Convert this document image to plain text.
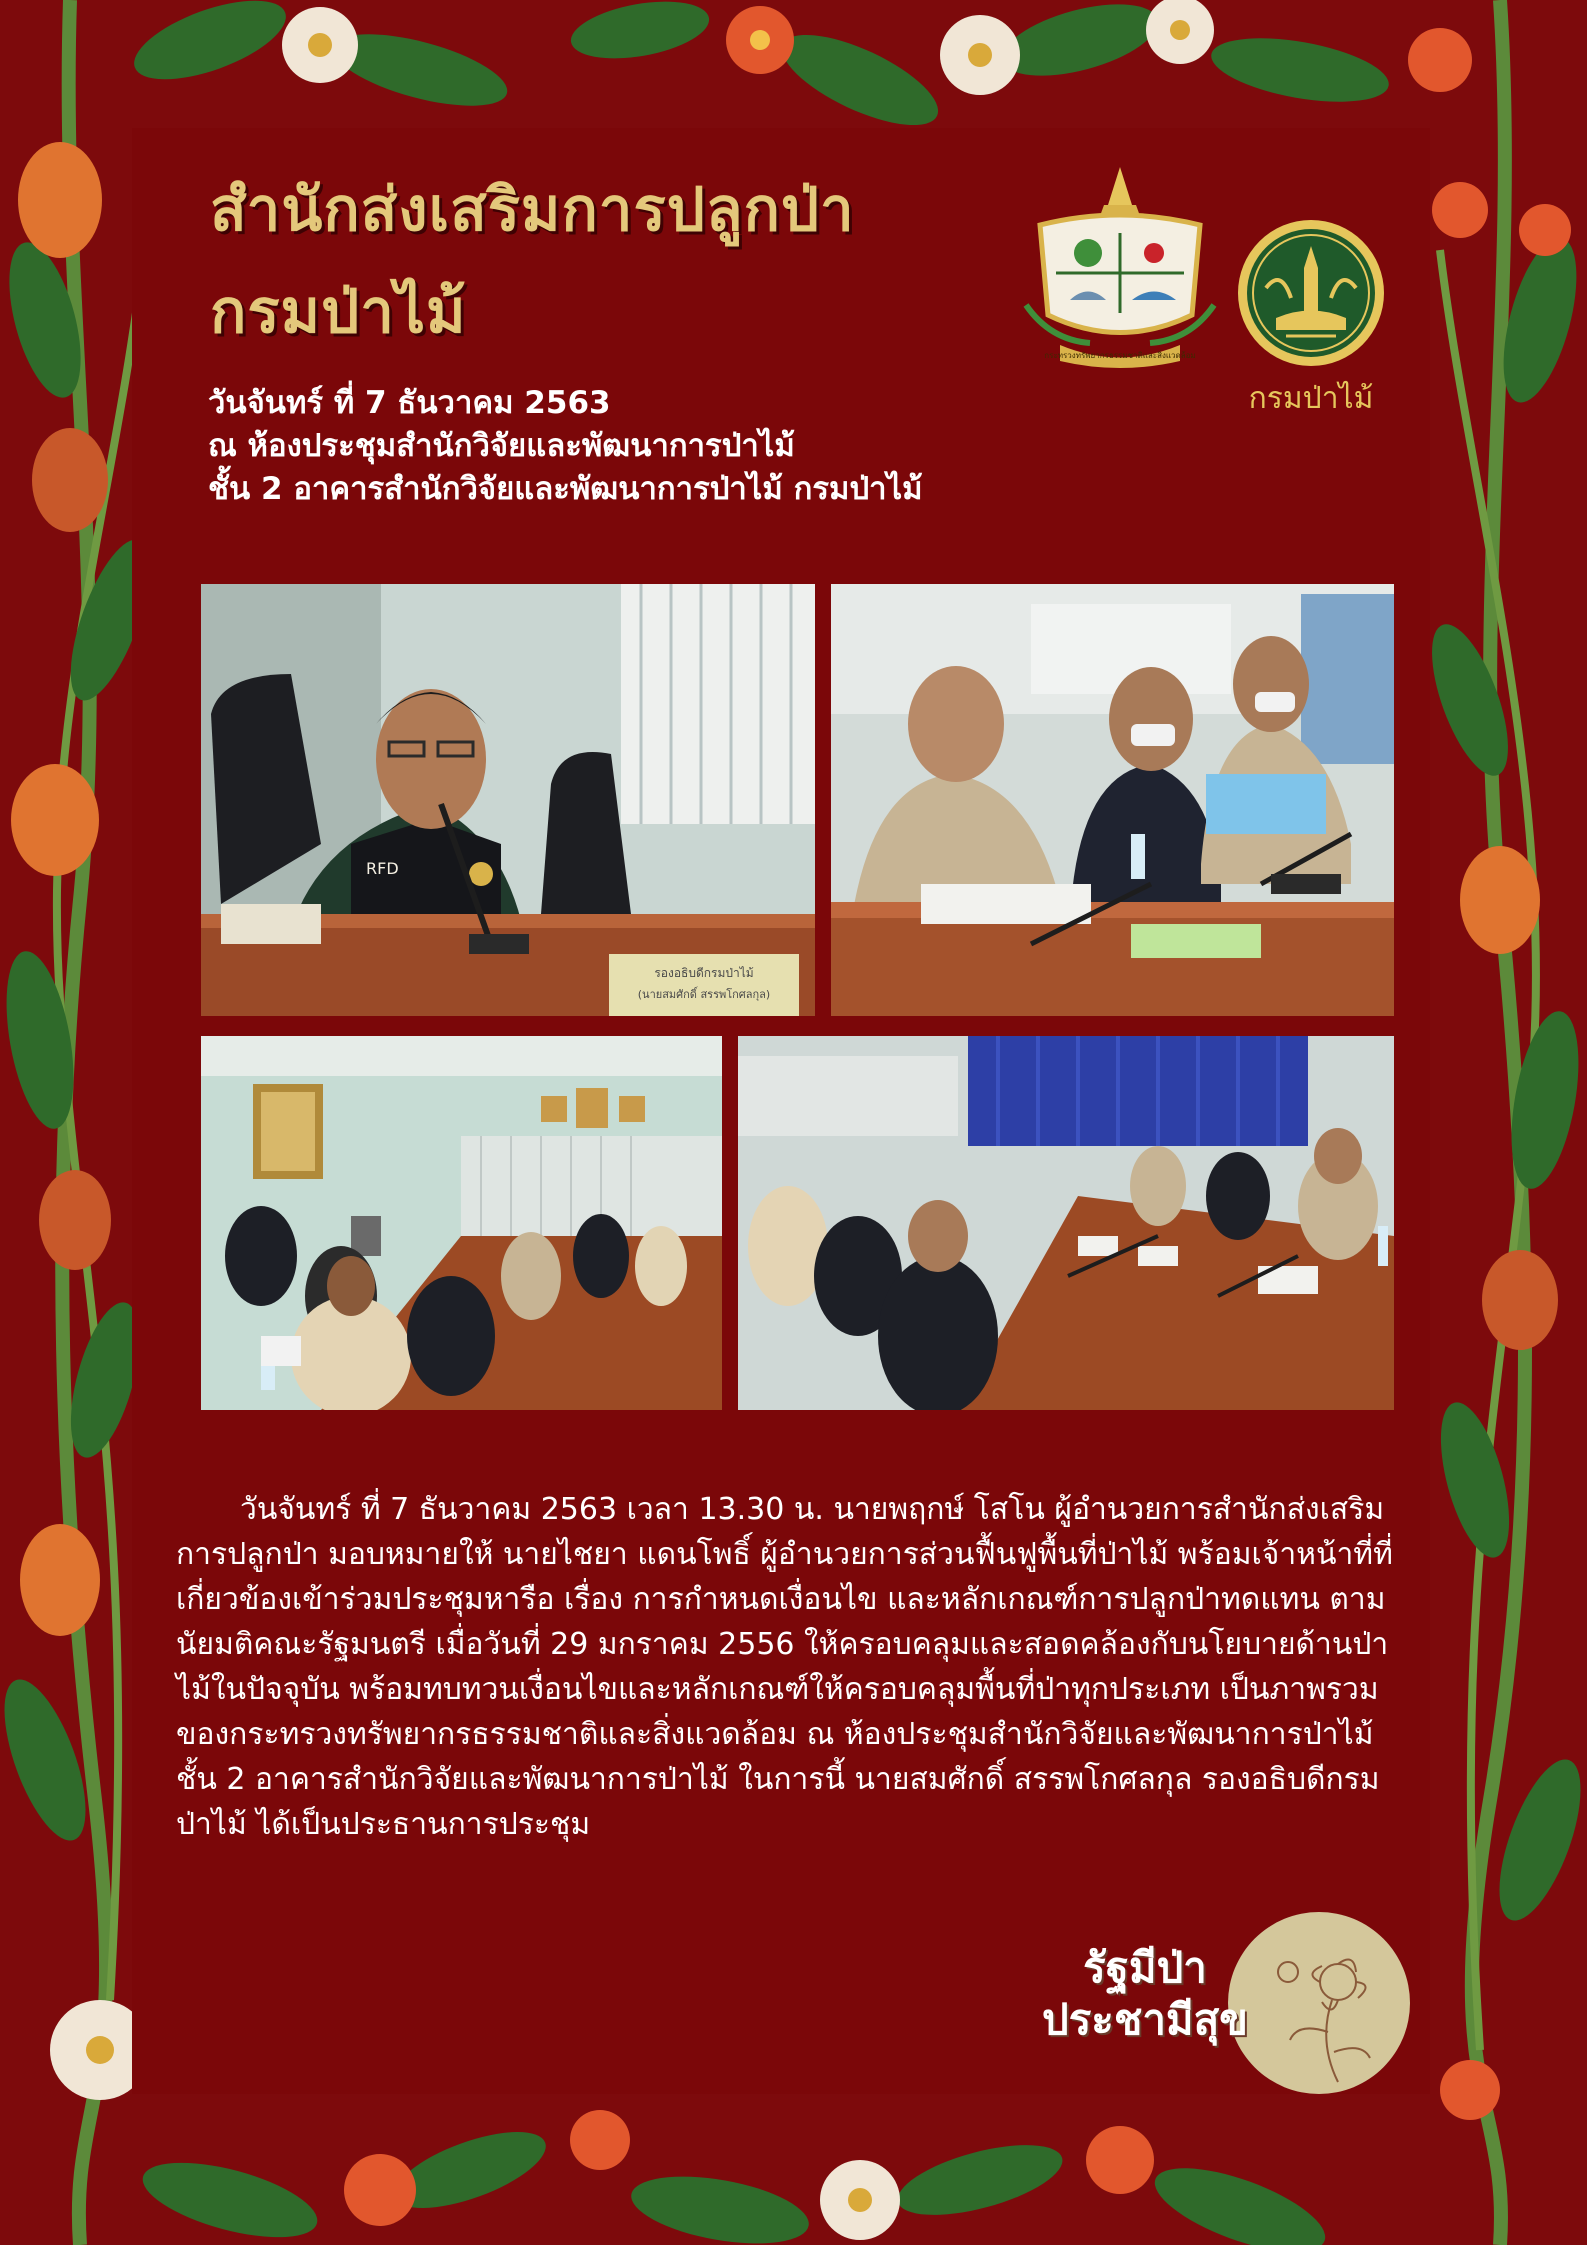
สำนักส่งเสริมการปลูกป่า
กรมป่าไม้
วันจันทร์ ที่ 7 ธันวาคม 2563
ณ ห้องประชุมสำนักวิจัยและพัฒนาการป่าไม้
ชั้น 2 อาคารสำนักวิจัยและพัฒนาการป่าไม้ กรมป่าไม้
กระทรวงทรัพยากรธรรมชาติและสิ่งแวดล้อม
กรมป่าไม้
RFD
รองอธิบดีกรมป่าไม้
(นายสมศักดิ์ สรรพโกศลกุล)

วันจันทร์ ที่ 7 ธันวาคม 2563 เวลา 13.30 น. นายพฤกษ์ โสโน ผู้อำนวยการสำนักส่งเสริมการปลูกป่า มอบหมายให้ นายไชยา แดนโพธิ์ ผู้อำนวยการส่วนฟื้นฟูพื้นที่ป่าไม้ พร้อมเจ้าหน้าที่ที่เกี่ยวข้องเข้าร่วมประชุมหารือ เรื่อง การกำหนดเงื่อนไข และหลักเกณฑ์การปลูกป่าทดแทน ตามนัยมติคณะรัฐมนตรี เมื่อวันที่ 29 มกราคม 2556 ให้ครอบคลุมและสอดคล้องกับนโยบายด้านป่าไม้ในปัจจุบัน พร้อมทบทวนเงื่อนไขและหลักเกณฑ์ให้ครอบคลุมพื้นที่ป่าทุกประเภท เป็นภาพรวมของกระทรวงทรัพยากรธรรมชาติและสิ่งแวดล้อม ณ ห้องประชุมสำนักวิจัยและพัฒนาการป่าไม้ ชั้น 2 อาคารสำนักวิจัยและพัฒนาการป่าไม้ ในการนี้ นายสมศักดิ์ สรรพโกศลกุล รองอธิบดีกรมป่าไม้ ได้เป็นประธานการประชุม

รัฐมีป่า
ประชามีสุข
